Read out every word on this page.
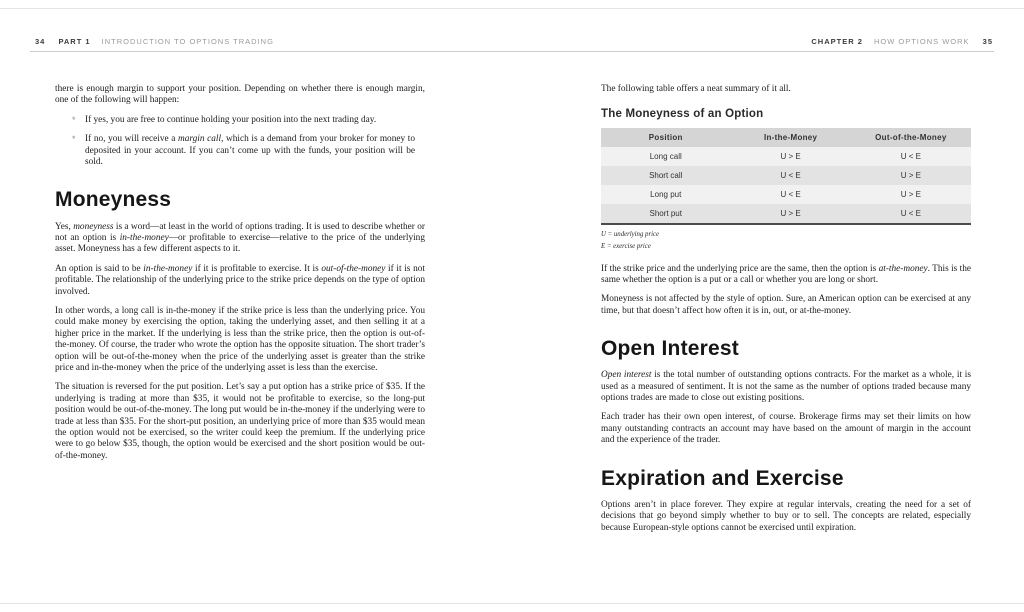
34 PART 1 INTRODUCTION TO OPTIONS TRADING	CHAPTER 2 HOW OPTIONS WORK 35

there is enough margin to support your position. Depending on whether there is enough margin, one of the following will happen:

* If yes, you are free to continue holding your position into the next trading day.
* If no, you will receive a margin call, which is a demand from your broker for money to deposited in your account. If you can’t come up with the funds, your position will be sold.
Moneyness

Yes, moneyness is a word—at least in the world of options trading. It is used to describe whether or not an option is in-the-money—or profitable to exercise—relative to the price of the underlying asset. Moneyness has a few different aspects to it.

An option is said to be in-the-money if it is profitable to exercise. It is out-of-the-money if it is not profitable. The relationship of the underlying price to the strike price depends on the type of option involved.

In other words, a long call is in-the-money if the strike price is less than the underlying price. You could make money by exercising the option, taking the underlying asset, and then selling it at a higher price in the market. If the underlying is less than the strike price, then the option is out-of-the-money. Of course, the trader who wrote the option has the opposite situation. The short trader’s option will be out-of-the-money when the price of the underlying asset is greater than the strike price and in-the-money when the price of the underlying asset is less than the exercise.

The situation is reversed for the put position. Let’s say a put option has a strike price of $35. If the underlying is trading at more than $35, it would not be profitable to exercise, so the long-put position would be out-of-the-money. The long put would be in-the-money if the underlying were to trade at less than $35. For the short-put position, an underlying price of more than $35 would mean the option would not be exercised, so the writer could keep the premium. If the underlying price were to go below $35, though, the option would be exercised and the short position would be out-of-the-money.

The following table offers a neat summary of it all.

The Moneyness of an Option
Position	In-the-Money	Out-of-the-Money
Long call	U > E	U < E
Short call	U < E	U > E
Long put	U < E	U > E
Short put	U > E	U < E
U = underlying price
E = exercise price

If the strike price and the underlying price are the same, then the option is at-the-money. This is the same whether the option is a put or a call or whether you are long or short.

Moneyness is not affected by the style of option. Sure, an American option can be exercised at any time, but that doesn’t affect how often it is in, out, or at-the-money.

Open Interest

Open interest is the total number of outstanding options contracts. For the market as a whole, it is used as a measured of sentiment. It is not the same as the number of options traded because many options trades are made to close out existing positions.

Each trader has their own open interest, of course. Brokerage firms may set their limits on how many outstanding contracts an account may have based on the amount of margin in the account and the experience of the trader.

Expiration and Exercise

Options aren’t in place forever. They expire at regular intervals, creating the need for a set of decisions that go beyond simply whether to buy or to sell. The concepts are related, especially because European-style options cannot be exercised until expiration.
